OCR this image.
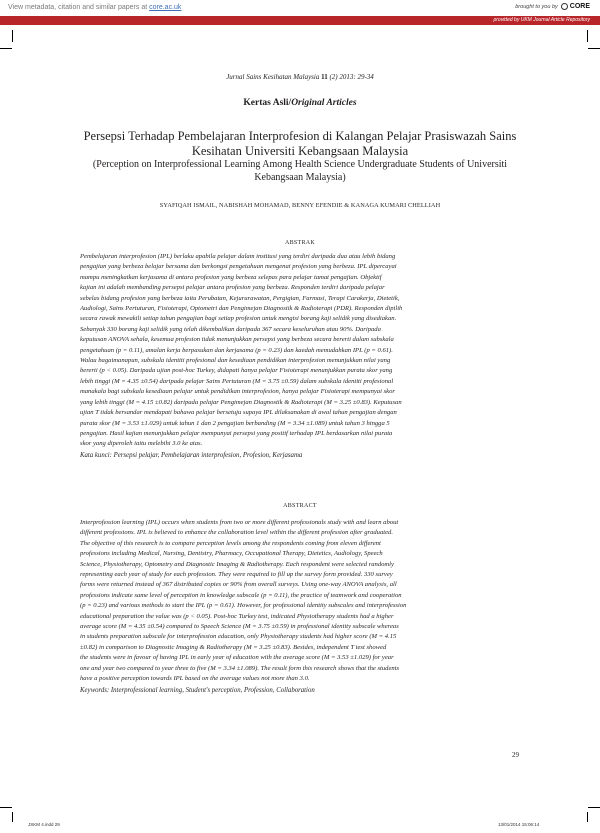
View metadata, citation and similar papers at core.ac.uk	brought to you by CORE
provided by UKM Journal Article Repository
Jurnal Sains Kesihatan Malaysia 11 (2) 2013: 29-34
Kertas Asli/Original Articles
Persepsi Terhadap Pembelajaran Interprofesion di Kalangan Pelajar Prasiswazah Sains Kesihatan Universiti Kebangsaan Malaysia
(Perception on Interprofessional Learning Among Health Science Undergraduate Students of Universiti Kebangsaan Malaysia)
SYAFIQAH ISMAIL, NABISHAH MOHAMAD, BENNY EFENDIE & KANAGA KUMARI CHELLIAH
ABSTRAK
Pembelajaran interprofesion (IPL) berlaku apabila pelajar dalam institusi yang terdiri daripada dua atau lebih bidang
pengajian yang berbeza belajar bersama dan berkongsi pengetahuan mengenai profesion yang berbeza. IPL dipercayai
mampu meningkatkan kerjasama di antara profesion yang berbeza selepas para pelajar tamat pengajian. Objektif
kajian ini adalah membanding persepsi pelajar antara profesion yang berbeza. Responden terdiri daripada pelajar
sebelas bidang profesion yang berbeza iaitu Perubatan, Kejururawatan, Pergigian, Farmasi, Terapi Carakerja, Dietetik,
Audiologi, Sains Pertuturan, Fisioterapi, Optometri dan Pengimejan Diagnostik & Radioterapi (PDR). Responden dipilih
secara rawak mewakili setiap tahun pengajian bagi setiap profesion untuk mengisi borang kaji selidik yang disediakan.
Sebanyak 330 borang kaji selidik yang telah dikembalikan daripada 367 secara keseluruhan atau 90%. Daripada
keputusan ANOVA sehala, kesemua profesion tidak menunjukkan persepsi yang berbeza secara bererti dalam subskala
pengetahuan (p = 0.11), amalan kerja berpasukan dan kerjasama (p = 0.23) dan kaedah memudahkan IPL (p = 0.61).
Walau bagaimanapun, subskala identiti profesional dan kesediaan pendidikan interprofesion menunjukkan nilai yang
bererti (p < 0.05). Daripada ujian post-hoc Turkey, didapati hanya pelajar Fisioterapi menunjukkan purata skor yang
lebih tinggi (M = 4.35 ±0.54) daripada pelajar Sains Pertuturan (M = 3.75 ±0.59) dalam subskala identiti profesional
manakala bagi subskala kesediaan pelajar untuk pendidikan interprofesion, hanya pelajar Fisioterapi mempunyai skor
yang lebih tinggi (M = 4.15 ±0.82) daripada pelajar Pengimejan Diagnostik & Radioterapi (M = 3.25 ±0.83). Keputusan
ujian T tidak bersandar mendapati bahawa pelajar bersetuju supaya IPL dilaksanakan di awal tahun pengajian dengan
purata skor (M = 3.53 ±1.029) untuk tahun 1 dan 2 pengajian berbanding (M = 3.34 ±1.089) untuk tahun 3 hingga 5
pengajian. Hasil kajian menunjukkan pelajar mempunyai persepsi yang positif terhadap IPL berdasarkan nilai purata
skor yang diperoleh iaitu melebihi 3.0 ke atas.
Kata kunci: Persepsi pelajar, Pembelajaran interprofesion, Profesion, Kerjasama
ABSTRACT
Interprofession learning (IPL) occurs when students from two or more different professionals study with and learn about
different professions. IPL is believed to enhance the collaboration level within the different profession after graduated.
The objective of this research is to compare perception levels among the respondents coming from eleven different
professions including Medical, Nursing, Dentistry, Pharmacy, Occupational Therapy, Dietetics, Audiology, Speech
Science, Physiotherapy, Optometry and Diagnostic Imaging & Radiotherapy. Each respondent were selected randomly
representing each year of study for each profession. They were required to fill up the survey form provided. 330 survey
forms were returned instead of 367 distributed copies or 90% from overall surveys. Using one-way ANOVA analysis, all
professions indicate same level of perception in knowledge subscale (p = 0.11), the practice of teamwork and cooperation
(p = 0.23) and various methods to start the IPL (p = 0.61). However, for professional identity subscales and interprofession
educational preparation the value was (p < 0.05). Post-hoc Turkey test, indicated Physiotherapy students had a higher
average score (M = 4.35 ±0.54) compared to Speech Science (M = 3.75 ±0.59) in professional identity subscale whereas
in students preparation subscale for interprofession education, only Physiotherapy students had higher score (M = 4.15
±0.82) in comparison to Diagnostic Imaging & Radiotherapy (M = 3.25 ±0.83). Besides, independent T test showed
the students were in favour of having IPL in early year of education with the average score (M = 3.53 ±1.029) for year
one and year two compared to year three to five (M = 3.34 ±1.089). The result form this research shows that the students
have a positive perception towards IPL based on the average values not more than 3.0.
Keywords: Interprofessional learning, Student's perception, Profession, Collaboration
29
JSKM 4.indd 29	13/01/2014 15:06:14
